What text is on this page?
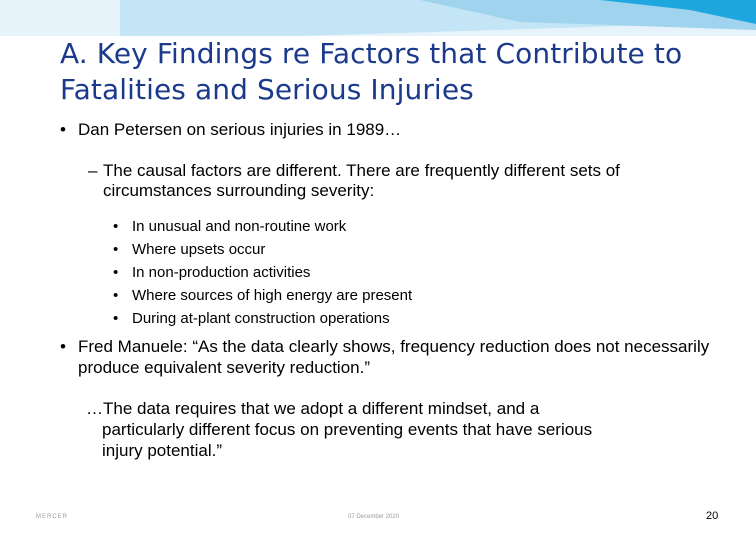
A. Key Findings re Factors that Contribute to
Fatalities and Serious Injuries
• Dan Petersen on serious injuries in 1989…
– The causal factors are different. There are frequently different sets of circumstances surrounding severity:
• In unusual and non-routine work
• Where upsets occur
• In non-production activities
• Where sources of high energy are present
• During at-plant construction operations
• Fred Manuele: “As the data clearly shows, frequency reduction does not necessarily produce equivalent severity reduction.”
…The data requires that we adopt a different mindset, and a
particularly different focus on preventing events that have serious
injury potential.”
MERCER	07 December 2020	20
